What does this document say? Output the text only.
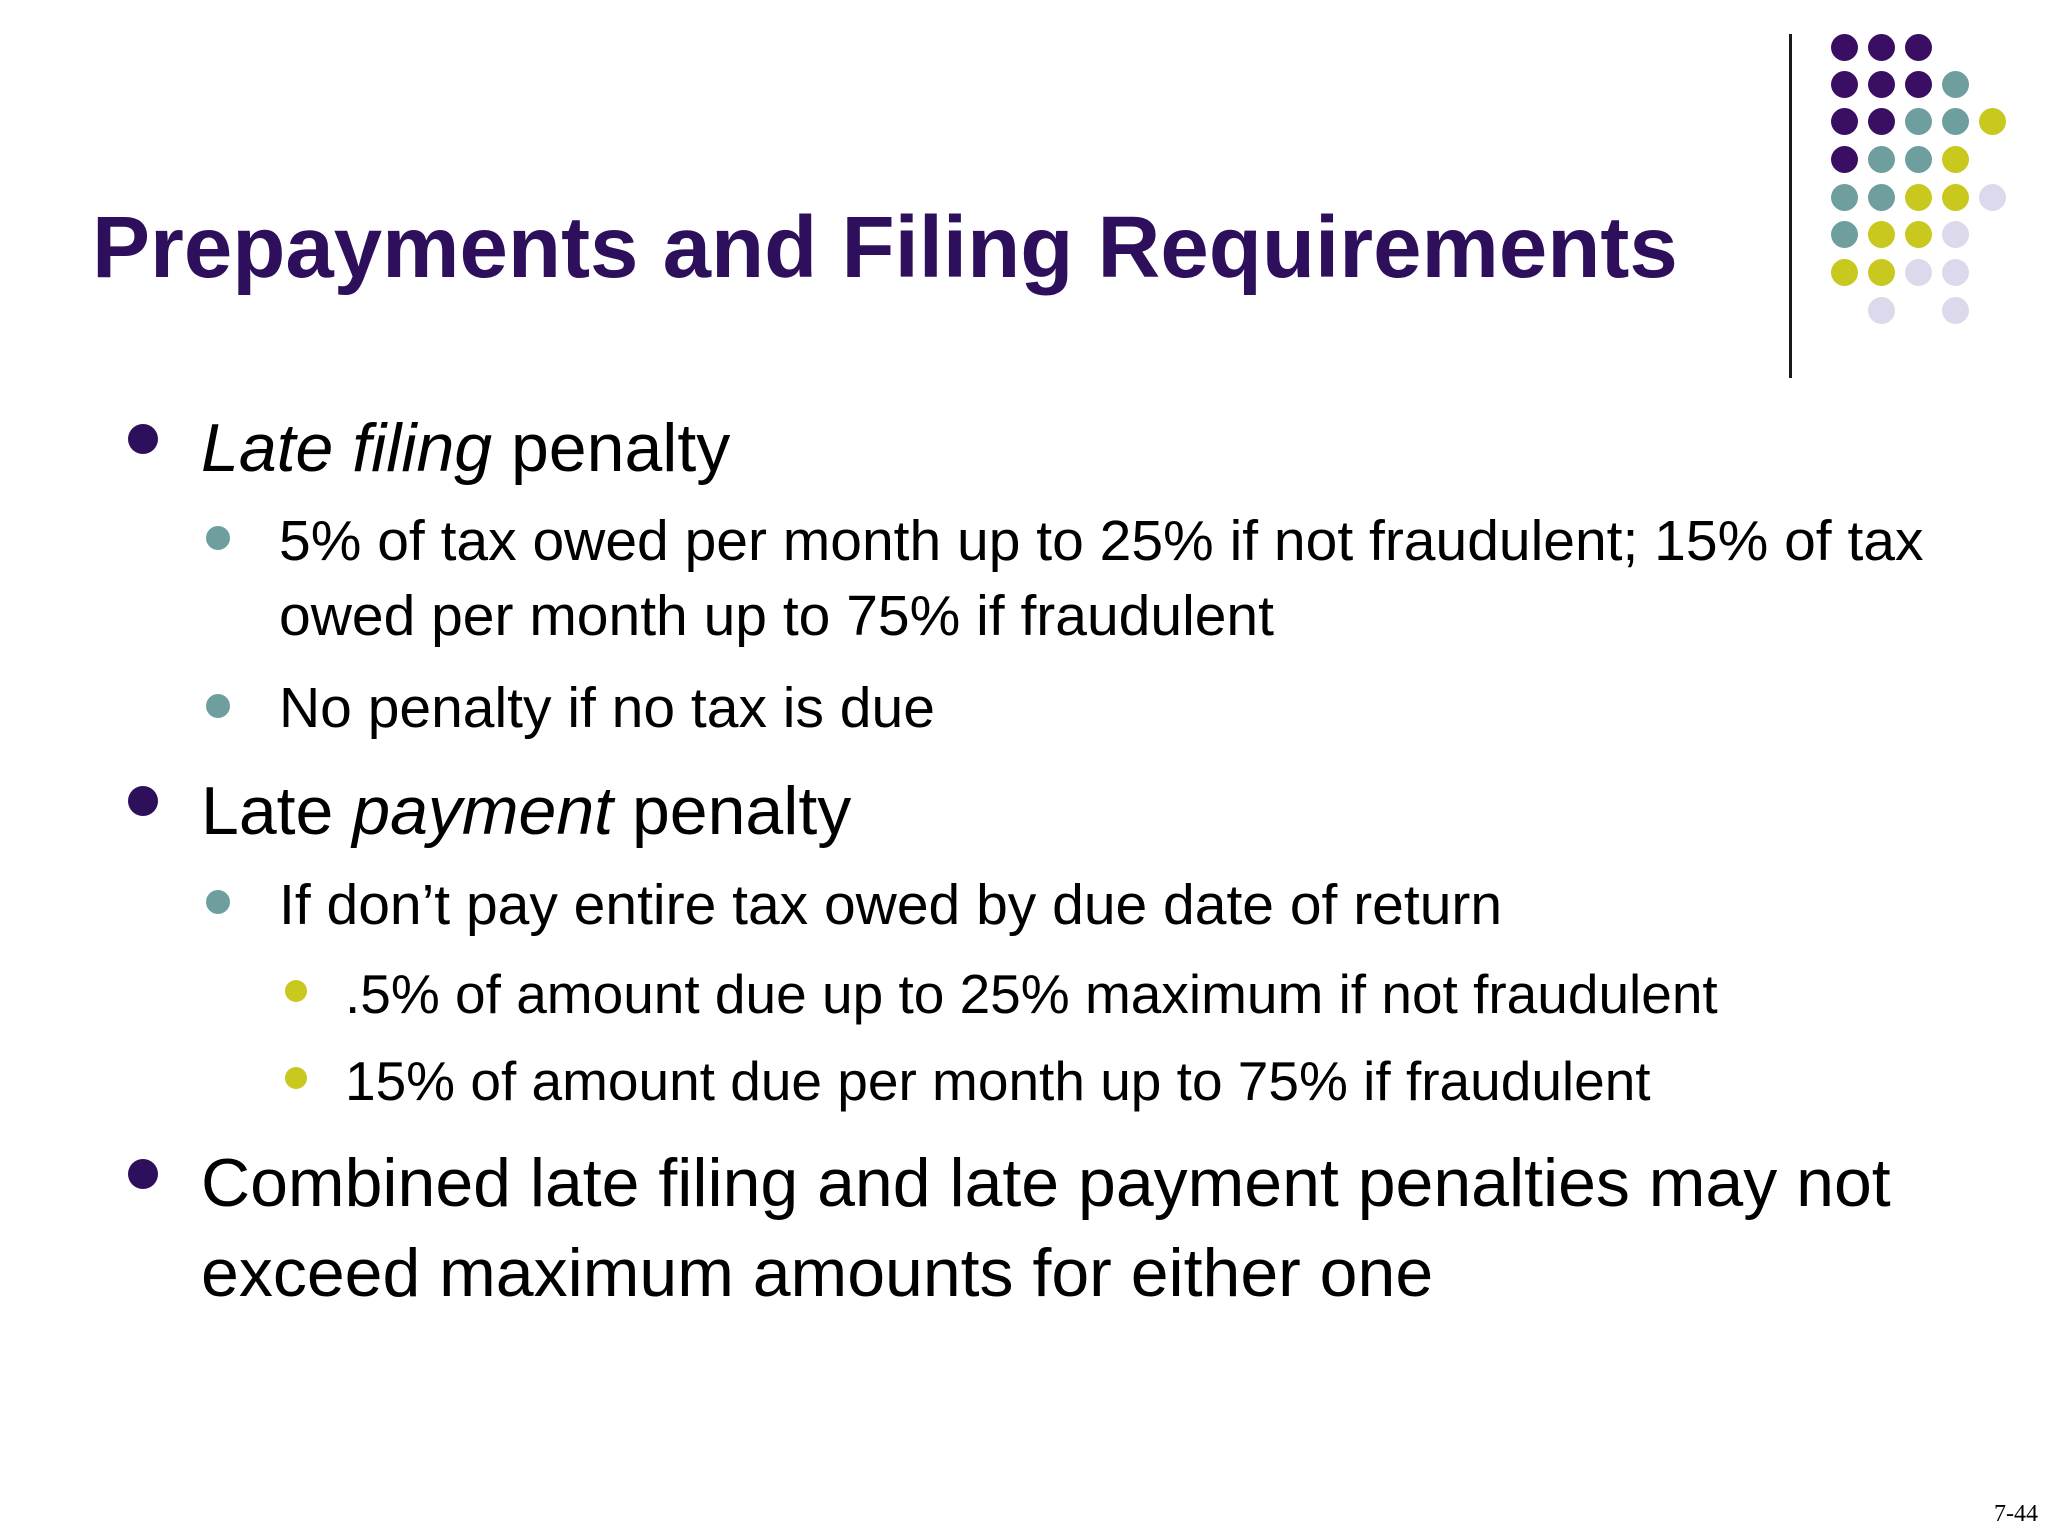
Prepayments and Filing Requirements
Late filing penalty
5% of tax owed per month up to 25% if not fraudulent; 15% of tax owed per month up to 75% if fraudulent
No penalty if no tax is due
Late payment penalty
If don’t pay entire tax owed by due date of return
.5% of amount due up to 25% maximum if not fraudulent
15% of amount due per month up to 75% if fraudulent
Combined late filing and late payment penalties may not exceed maximum amounts for either one
7-44
